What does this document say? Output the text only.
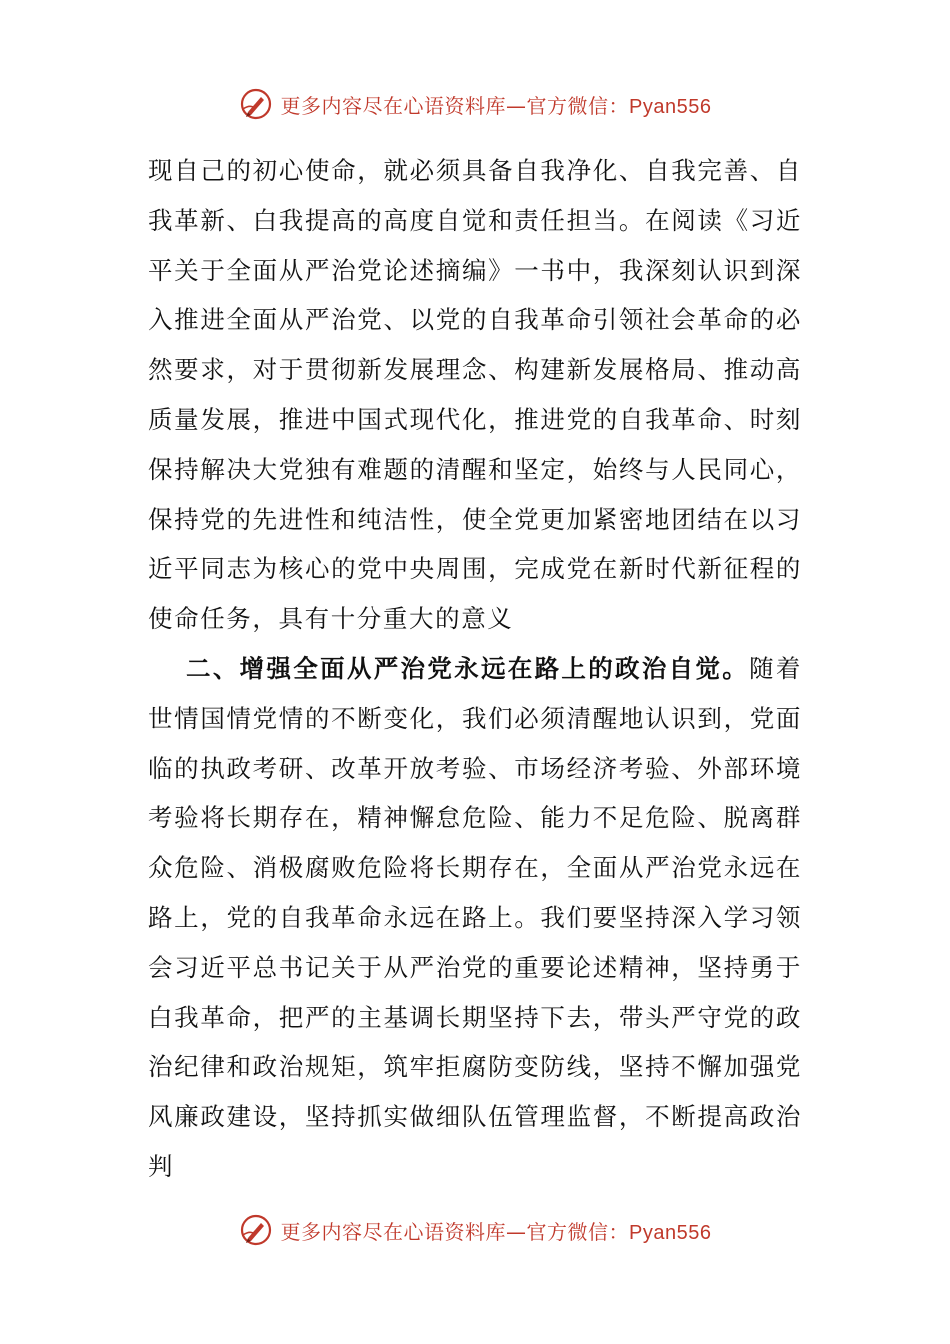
更多内容尽在心语资料库—官方微信：Pyan556

现自己的初心使命，就必须具备自我净化、自我完善、自我革新、白我提高的高度自觉和责任担当。在阅读《习近平关于全面从严治党论述摘编》一书中，我深刻认识到深入推进全面从严治党、以党的自我革命引领社会革命的必然要求，对于贯彻新发展理念、构建新发展格局、推动高质量发展，推进中国式现代化，推进党的自我革命、时刻保持解决大党独有难题的清醒和坚定，始终与人民同心，保持党的先进性和纯洁性，使全党更加紧密地团结在以习近平同志为核心的党中央周围，完成党在新时代新征程的使命任务，具有十分重大的意义

二、增强全面从严治党永远在路上的政治自觉。随着世情国情党情的不断变化，我们必须清醒地认识到，党面临的执政考研、改革开放考验、市场经济考验、外部环境考验将长期存在，精神懈怠危险、能力不足危险、脱离群众危险、消极腐败危险将长期存在，全面从严治党永远在路上，党的自我革命永远在路上。我们要坚持深入学习领会习近平总书记关于从严治党的重要论述精神，坚持勇于白我革命，把严的主基调长期坚持下去，带头严守党的政治纪律和政治规矩，筑牢拒腐防变防线，坚持不懈加强党风廉政建设，坚持抓实做细队伍管理监督，不断提高政治判

更多内容尽在心语资料库—官方微信：Pyan556
